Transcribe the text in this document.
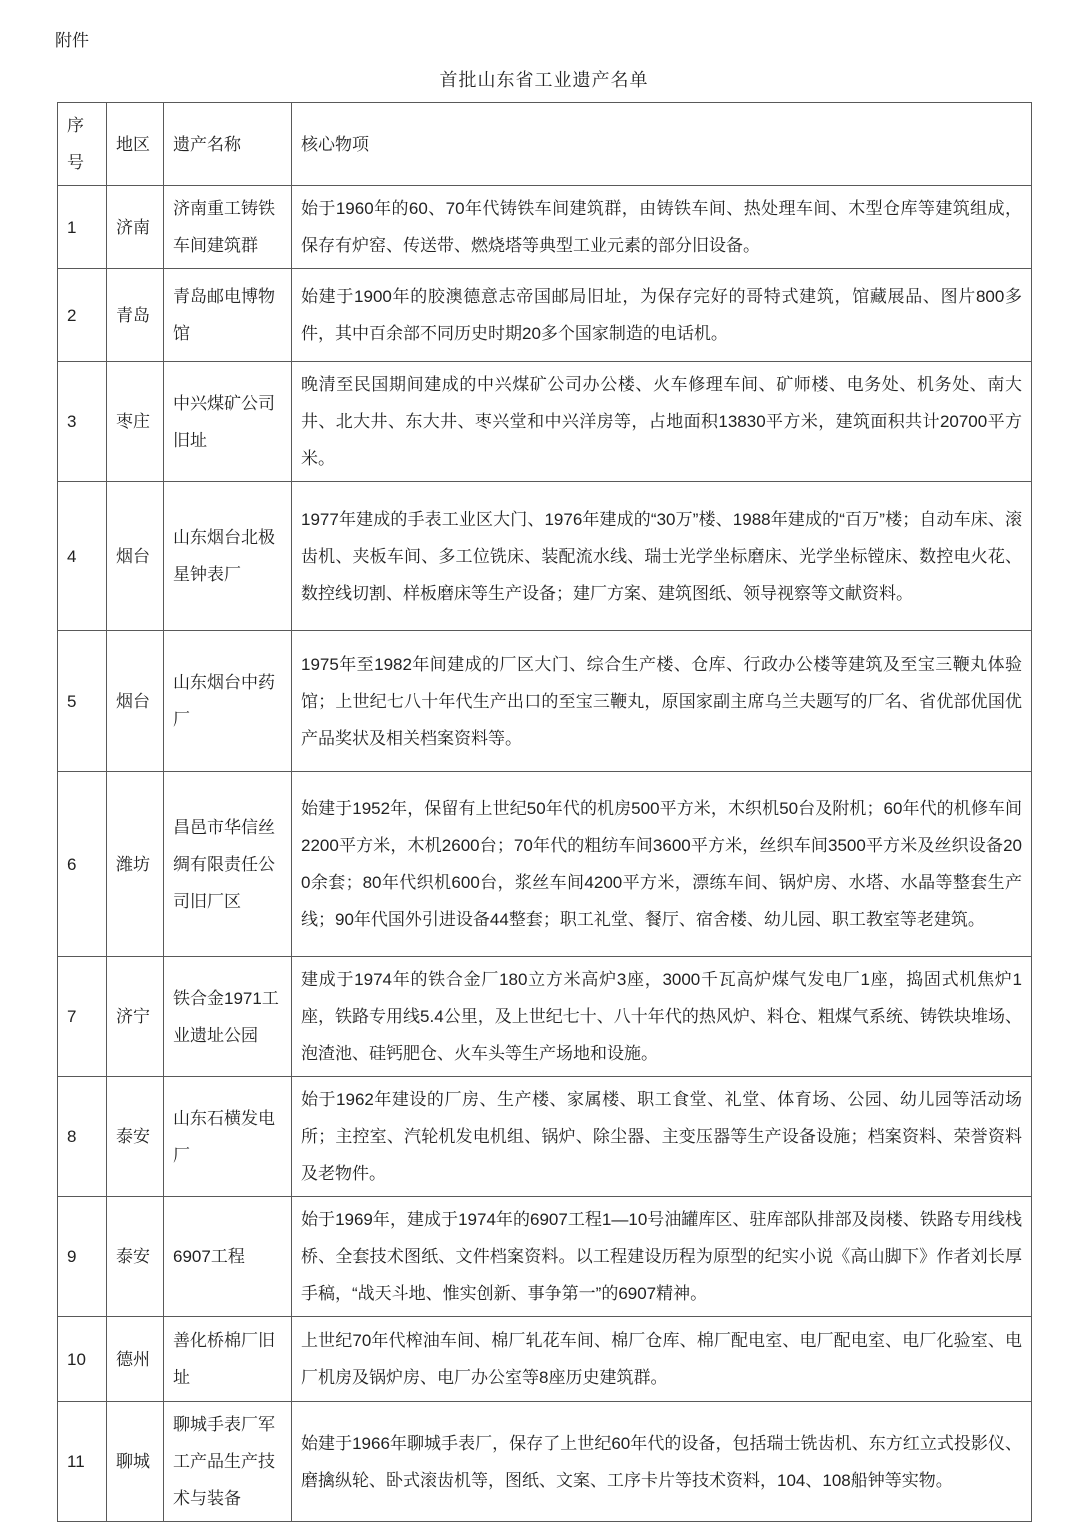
附件
首批山东省工业遗产名单
序号	地区	遗产名称	核心物项
1	济南	济南重工铸铁车间建筑群	始于1960年的60、70年代铸铁车间建筑群，由铸铁车间、热处理车间、木型仓库等建筑组成，保存有炉窑、传送带、燃烧塔等典型工业元素的部分旧设备。
2	青岛	青岛邮电博物馆	始建于1900年的胶澳德意志帝国邮局旧址，为保存完好的哥特式建筑，馆藏展品、图片800多件，其中百余部不同历史时期20多个国家制造的电话机。
3	枣庄	中兴煤矿公司旧址	晚清至民国期间建成的中兴煤矿公司办公楼、火车修理车间、矿师楼、电务处、机务处、南大井、北大井、东大井、枣兴堂和中兴洋房等，占地面积13830平方米，建筑面积共计20700平方米。
4	烟台	山东烟台北极星钟表厂	1977年建成的手表工业区大门、1976年建成的“30万”楼、1988年建成的“百万”楼；自动车床、滚齿机、夹板车间、多工位铣床、装配流水线、瑞士光学坐标磨床、光学坐标镗床、数控电火花、数控线切割、样板磨床等生产设备；建厂方案、建筑图纸、领导视察等文献资料。
5	烟台	山东烟台中药厂	1975年至1982年间建成的厂区大门、综合生产楼、仓库、行政办公楼等建筑及至宝三鞭丸体验馆；上世纪七八十年代生产出口的至宝三鞭丸，原国家副主席乌兰夫题写的厂名、省优部优国优产品奖状及相关档案资料等。
6	潍坊	昌邑市华信丝绸有限责任公司旧厂区	始建于1952年，保留有上世纪50年代的机房500平方米，木织机50台及附机；60年代的机修车间2200平方米，木机2600台；70年代的粗纺车间3600平方米，丝织车间3500平方米及丝织设备200余套；80年代织机600台，浆丝车间4200平方米，漂练车间、锅炉房、水塔、水晶等整套生产线；90年代国外引进设备44整套；职工礼堂、餐厅、宿舍楼、幼儿园、职工教室等老建筑。
7	济宁	铁合金1971工业遗址公园	建成于1974年的铁合金厂180立方米高炉3座，3000千瓦高炉煤气发电厂1座，捣固式机焦炉1座，铁路专用线5.4公里，及上世纪七十、八十年代的热风炉、料仓、粗煤气系统、铸铁块堆场、泡渣池、硅钙肥仓、火车头等生产场地和设施。
8	泰安	山东石横发电厂	始于1962年建设的厂房、生产楼、家属楼、职工食堂、礼堂、体育场、公园、幼儿园等活动场所；主控室、汽轮机发电机组、锅炉、除尘器、主变压器等生产设备设施；档案资料、荣誉资料及老物件。
9	泰安	6907工程	始于1969年，建成于1974年的6907工程1—10号油罐库区、驻库部队排部及岗楼、铁路专用线栈桥、全套技术图纸、文件档案资料。以工程建设历程为原型的纪实小说《高山脚下》作者刘长厚手稿，“战天斗地、惟实创新、事争第一”的6907精神。
10	德州	善化桥棉厂旧址	上世纪70年代榨油车间、棉厂轧花车间、棉厂仓库、棉厂配电室、电厂配电室、电厂化验室、电厂机房及锅炉房、电厂办公室等8座历史建筑群。
11	聊城	聊城手表厂军工产品生产技术与装备	始建于1966年聊城手表厂，保存了上世纪60年代的设备，包括瑞士铣齿机、东方红立式投影仪、磨擒纵轮、卧式滚齿机等，图纸、文案、工序卡片等技术资料，104、108船钟等实物。
